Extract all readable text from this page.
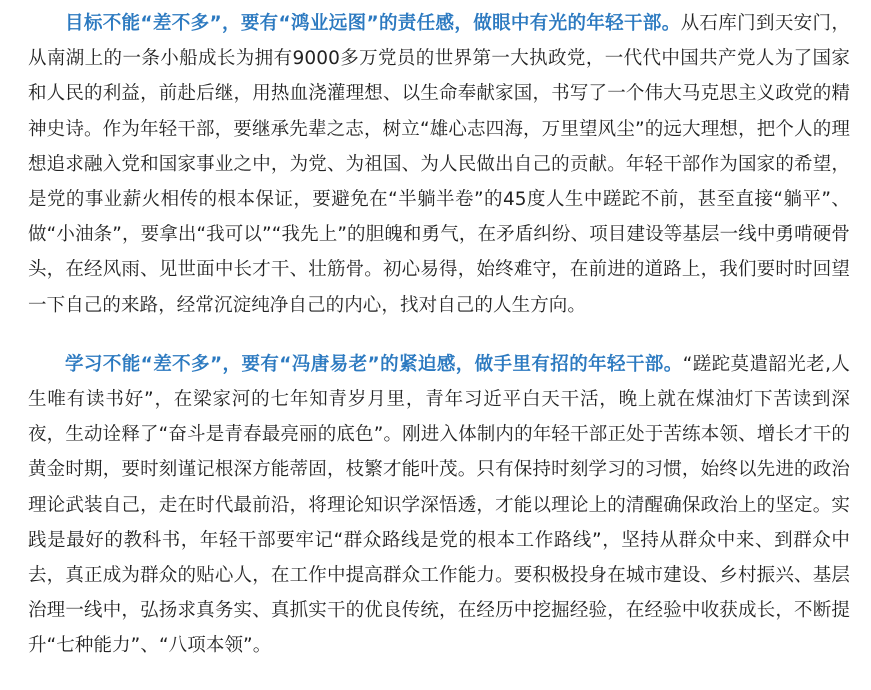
目标不能“差不多”，要有“鸿业远图”的责任感，做眼中有光的年轻干部。从石库门到天安门，从南湖上的一条小船成长为拥有9000多万党员的世界第一大执政党，一代代中国共产党人为了国家和人民的利益，前赴后继，用热血浇灌理想、以生命奉献家国，书写了一个伟大马克思主义政党的精神史诗。作为年轻干部，要继承先辈之志，树立“雄心志四海，万里望风尘”的远大理想，把个人的理想追求融入党和国家事业之中，为党、为祖国、为人民做出自己的贡献。年轻干部作为国家的希望，是党的事业薪火相传的根本保证，要避免在“半躺半卷”的45度人生中蹉跎不前，甚至直接“躺平”、做“小油条”，要拿出“我可以”“我先上”的胆魄和勇气，在矛盾纠纷、项目建设等基层一线中勇啃硬骨头，在经风雨、见世面中长才干、壮筋骨。初心易得，始终难守，在前进的道路上，我们要时时回望一下自己的来路，经常沉淀纯净自己的内心，找对自己的人生方向。

学习不能“差不多”，要有“冯唐易老”的紧迫感，做手里有招的年轻干部。“蹉跎莫遣韶光老,人生唯有读书好”，在梁家河的七年知青岁月里，青年习近平白天干活，晚上就在煤油灯下苦读到深夜，生动诠释了“奋斗是青春最亮丽的底色”。刚进入体制内的年轻干部正处于苦练本领、增长才干的黄金时期，要时刻谨记根深方能蒂固，枝繁才能叶茂。只有保持时刻学习的习惯，始终以先进的政治理论武装自己，走在时代最前沿，将理论知识学深悟透，才能以理论上的清醒确保政治上的坚定。实践是最好的教科书，年轻干部要牢记“群众路线是党的根本工作路线”，坚持从群众中来、到群众中去，真正成为群众的贴心人，在工作中提高群众工作能力。要积极投身在城市建设、乡村振兴、基层治理一线中，弘扬求真务实、真抓实干的优良传统，在经历中挖掘经验，在经验中收获成长，不断提升“七种能力”、“八项本领”。
